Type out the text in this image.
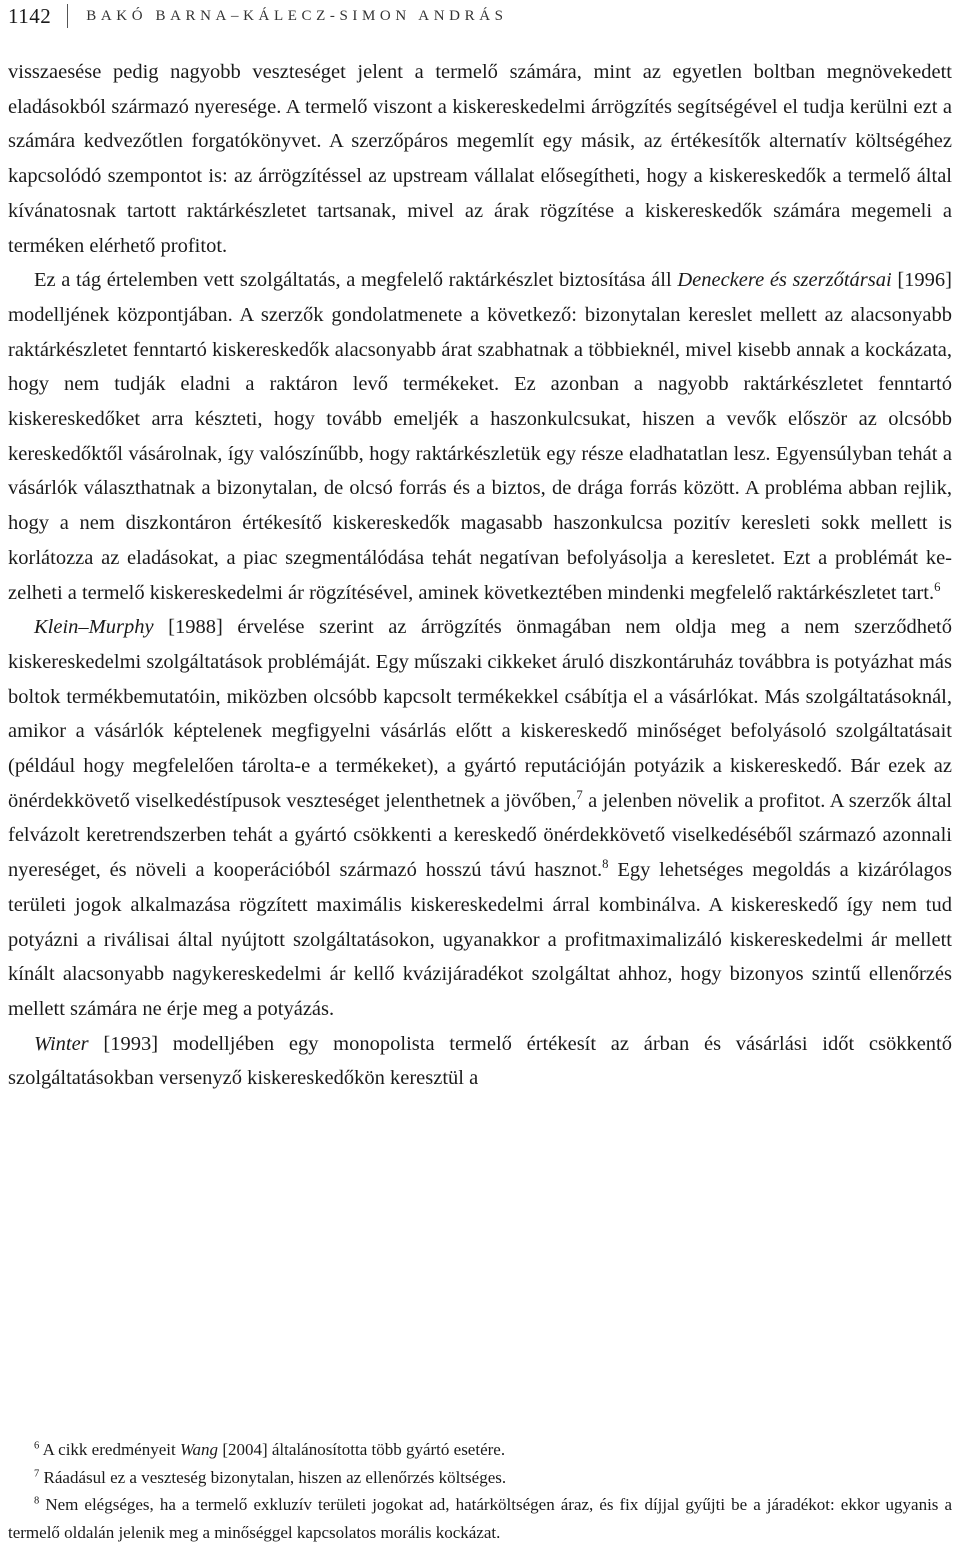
1142	BAKÓ BARNA–KÁLECZ-SIMON ANDRÁS

visszaesése pedig nagyobb veszteséget jelent a termelő számára, mint az egyetlen boltban megnövekedett eladásokból származó nyeresége. A termelő viszont a kiskereskedelmi árrögzítés segítségével el tudja kerülni ezt a számára kedvezőtlen forgatókönyvet. A szerzőpáros megemlít egy másik, az értékesítők alternatív költségéhez kapcsolódó szempontot is: az árrögzítéssel az upstream vállalat elősegítheti, hogy a kiskereskedők a termelő által kívánatosnak tartott raktárkészletet tartsanak, mivel az árak rögzítése a kiskereskedők számára megemeli a terméken elérhető profitot.

Ez a tág értelemben vett szolgáltatás, a megfelelő raktárkészlet biztosítása áll Deneckere és szerzőtársai [1996] modelljének központjában. A szerzők gondolatmenete a következő: bizonytalan kereslet mellett az alacsonyabb raktárkészletet fenntartó kiskereskedők alacsonyabb árat szabhatnak a többieknél, mivel kisebb annak a kockázata, hogy nem tudják eladni a raktáron levő termékeket. Ez azonban a nagyobb raktárkészletet fenntartó kiskereskedőket arra készteti, hogy tovább emeljék a haszonkulcsukat, hiszen a vevők először az olcsóbb kereskedőktől vásárolnak, így valószínűbb, hogy raktárkészletük egy része eladhatatlan lesz. Egyensúlyban tehát a vásárlók választhatnak a bizonytalan, de olcsó forrás és a biztos, de drága forrás között. A probléma abban rejlik, hogy a nem diszkontáron értékesítő kiskereskedők magasabb haszonkulcsa pozitív keresleti sokk mellett is korlátozza az eladásokat, a piac szegmentálódása tehát negatívan befolyásolja a keresletet. Ezt a problémát kezelheti a termelő kiskereskedelmi ár rögzítésével, aminek következtében mindenki megfelelő raktárkészletet tart.$^6$

Klein–Murphy [1988] érvelése szerint az árrögzítés önmagában nem oldja meg a nem szerződhető kiskereskedelmi szolgáltatások problémáját. Egy műszaki cikkeket áruló diszkontáruház továbbra is potyázhat más boltok termékbemutatóin, miközben olcsóbb kapcsolt termékekkel csábítja el a vásárlókat. Más szolgáltatásoknál, amikor a vásárlók képtelenek megfigyelni vásárlás előtt a kiskereskedő minőséget befolyásoló szolgáltatásait (például hogy megfelelően tárolta-e a termékeket), a gyártó reputációján potyázik a kiskereskedő. Bár ezek az önérdekkövető viselkedéstípusok veszteséget jelenthetnek a jövőben,$^7$ a jelenben növelik a profitot. A szerzők által felvázolt keretrendszerben tehát a gyártó csökkenti a kereskedő önérdekkövető viselkedéséből származó azonnali nyereséget, és növeli a kooperációból származó hosszú távú hasznot.$^8$ Egy lehetséges megoldás a kizárólagos területi jogok alkalmazása rögzített maximális kiskereskedelmi árral kombinálva. A kiskereskedő így nem tud potyázni a riválisai által nyújtott szolgáltatásokon, ugyanakkor a profitmaximalizáló kiskereskedelmi ár mellett kínált alacsonyabb nagykereskedelmi ár kellő kvázijáradékot szolgáltat ahhoz, hogy bizonyos szintű ellenőrzés mellett számára ne érje meg a potyázás.

Winter [1993] modelljében egy monopolista termelő értékesít az árban és vásárlási időt csökkentő szolgáltatásokban versenyző kiskereskedőkön keresztül a

$^6$ A cikk eredményeit Wang [2004] általánosította több gyártó esetére.

$^7$ Ráadásul ez a veszteség bizonytalan, hiszen az ellenőrzés költséges.

$^8$ Nem elégséges, ha a termelő exkluzív területi jogokat ad, határköltségen áraz, és fix díjjal gyűjti be a járadékot: ekkor ugyanis a termelő oldalán jelenik meg a minőséggel kapcsolatos morális kockázat.
